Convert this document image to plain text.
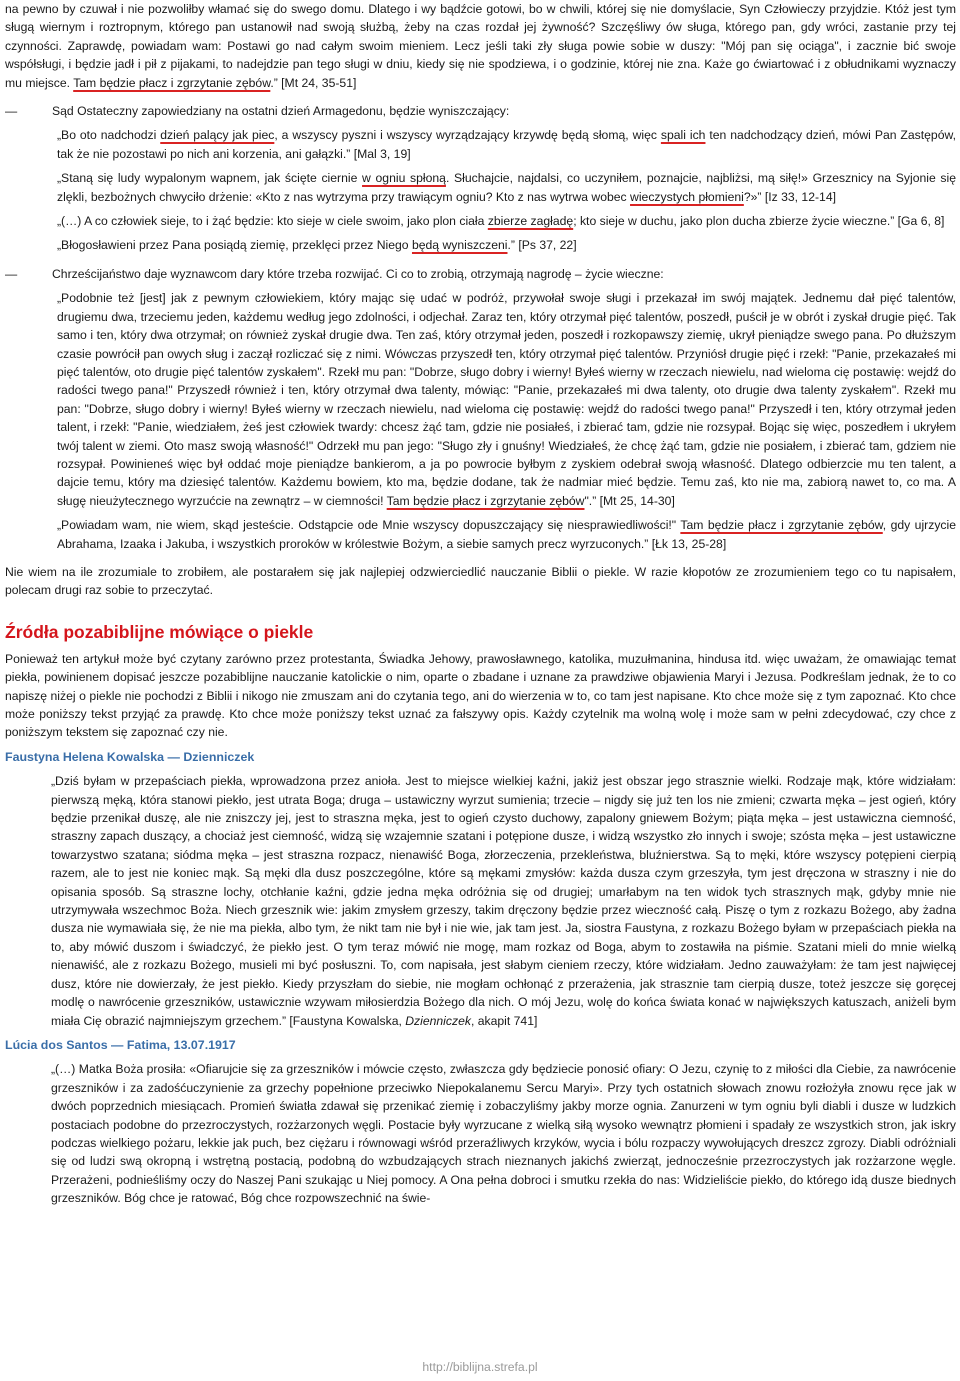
na pewno by czuwał i nie pozwoliłby włamać się do swego domu. Dlatego i wy bądźcie gotowi, bo w chwili, której się nie domyślacie, Syn Człowieczy przyjdzie. Któż jest tym sługą wiernym i roztropnym, którego pan ustanowił nad swoją służbą, żeby na czas rozdał jej żywność? Szczęśliwy ów sługa, którego pan, gdy wróci, zastanie przy tej czynności. Zaprawdę, powiadam wam: Postawi go nad całym swoim mieniem. Lecz jeśli taki zły sługa powie sobie w duszy: "Mój pan się ociąga", i zacznie bić swoje współsługi, i będzie jadł i pił z pijakami, to nadejdzie pan tego sługi w dniu, kiedy się nie spodziewa, i o godzinie, której nie zna. Każe go ćwiartować i z obłudnikami wyznaczy mu miejsce. Tam będzie płacz i zgrzytanie zębów.” [Mt 24, 35-51]

—	Sąd Ostateczny zapowiedziany na ostatni dzień Armagedonu, będzie wyniszczający:

„Bo oto nadchodzi dzień palący jak piec, a wszyscy pyszni i wszyscy wyrządzający krzywdę będą słomą, więc spali ich ten nadchodzący dzień, mówi Pan Zastępów, tak że nie pozostawi po nich ani korzenia, ani gałązki.” [Mal 3, 19]

„Staną się ludy wypalonym wapnem, jak ścięte ciernie w ogniu spłoną. Słuchajcie, najdalsi, co uczyniłem, poznajcie, najbliżsi, mą siłę!» Grzesznicy na Syjonie się zlękli, bezbożnych chwyciło drżenie: «Kto z nas wytrzyma przy trawiącym ogniu? Kto z nas wytrwa wobec wieczystych płomieni?»” [Iz 33, 12-14]

„(…) A co człowiek sieje, to i żąć będzie: kto sieje w ciele swoim, jako plon ciała zbierze zagładę; kto sieje w duchu, jako plon ducha zbierze życie wieczne.” [Ga 6, 8]

„Błogosławieni przez Pana posiądą ziemię, przeklęci przez Niego będą wyniszczeni.” [Ps 37, 22]

—	Chrześcijaństwo daje wyznawcom dary które trzeba rozwijać. Ci co to zrobią, otrzymają nagrodę – życie wieczne:

„Podobnie też [jest] jak z pewnym człowiekiem, który mając się udać w podróż, przywołał swoje sługi i przekazał im swój majątek. Jednemu dał pięć talentów, drugiemu dwa, trzeciemu jeden, każdemu według jego zdolności, i odjechał. Zaraz ten, który otrzymał pięć talentów, poszedł, puścił je w obrót i zyskał drugie pięć. Tak samo i ten, który dwa otrzymał; on również zyskał drugie dwa. Ten zaś, który otrzymał jeden, poszedł i rozkopawszy ziemię, ukrył pieniądze swego pana. Po dłuższym czasie powrócił pan owych sług i zaczął rozliczać się z nimi. Wówczas przyszedł ten, który otrzymał pięć talentów. Przyniósł drugie pięć i rzekł: "Panie, przekazałeś mi pięć talentów, oto drugie pięć talentów zyskałem". Rzekł mu pan: "Dobrze, sługo dobry i wierny! Byłeś wierny w rzeczach niewielu, nad wieloma cię postawię: wejdź do radości twego pana!" Przyszedł również i ten, który otrzymał dwa talenty, mówiąc: "Panie, przekazałeś mi dwa talenty, oto drugie dwa talenty zyskałem". Rzekł mu pan: "Dobrze, sługo dobry i wierny! Byłeś wierny w rzeczach niewielu, nad wieloma cię postawię: wejdź do radości twego pana!" Przyszedł i ten, który otrzymał jeden talent, i rzekł: "Panie, wiedziałem, żeś jest człowiek twardy: chcesz żąć tam, gdzie nie posiałeś, i zbierać tam, gdzie nie rozsypał. Bojąc się więc, poszedłem i ukryłem twój talent w ziemi. Oto masz swoją własność!" Odrzekł mu pan jego: "Sługo zły i gnuśny! Wiedziałeś, że chcę żąć tam, gdzie nie posiałem, i zbierać tam, gdziem nie rozsypał. Powinieneś więc był oddać moje pieniądze bankierom, a ja po powrocie byłbym z zyskiem odebrał swoją własność. Dlatego odbierzcie mu ten talent, a dajcie temu, który ma dziesięć talentów. Każdemu bowiem, kto ma, będzie dodane, tak że nadmiar mieć będzie. Temu zaś, kto nie ma, zabiorą nawet to, co ma. A sługę nieużytecznego wyrzućcie na zewnątrz – w ciemności! Tam będzie płacz i zgrzytanie zębów".” [Mt 25, 14-30]

„Powiadam wam, nie wiem, skąd jesteście. Odstąpcie ode Mnie wszyscy dopuszczający się niesprawiedliwości!" Tam będzie płacz i zgrzytanie zębów, gdy ujrzycie Abrahama, Izaaka i Jakuba, i wszystkich proroków w królestwie Bożym, a siebie samych precz wyrzuconych.” [Łk 13, 25-28]

Nie wiem na ile zrozumiale to zrobiłem, ale postarałem się jak najlepiej odzwierciedlić nauczanie Biblii o piekle. W razie kłopotów ze zrozumieniem tego co tu napisałem, polecam drugi raz sobie to przeczytać.

Źródła pozabiblijne mówiące o piekle

Ponieważ ten artykuł może być czytany zarówno przez protestanta, Świadka Jehowy, prawosławnego, katolika, muzułmanina, hindusa itd. więc uważam, że omawiając temat piekła, powinienem dopisać jeszcze pozabiblijne nauczanie katolickie o nim, oparte o zbadane i uznane za prawdziwe objawienia Maryi i Jezusa. Podkreślam jednak, że to co napiszę niżej o piekle nie pochodzi z Biblii i nikogo nie zmuszam ani do czytania tego, ani do wierzenia w to, co tam jest napisane. Kto chce może się z tym zapoznać. Kto chce może poniższy tekst przyjąć za prawdę. Kto chce może poniższy tekst uznać za fałszywy opis. Każdy czytelnik ma wolną wolę i może sam w pełni zdecydować, czy chce z poniższym tekstem się zapoznać czy nie.

Faustyna Helena Kowalska — Dzienniczek

„Dziś byłam w przepaściach piekła, wprowadzona przez anioła. Jest to miejsce wielkiej kaźni, jakiż jest obszar jego strasznie wielki. Rodzaje mąk, które widziałam: pierwszą męką, która stanowi piekło, jest utrata Boga; druga – ustawiczny wyrzut sumienia; trzecie – nigdy się już ten los nie zmieni; czwarta męka – jest ogień, który będzie przenikał duszę, ale nie zniszczy jej, jest to straszna męka, jest to ogień czysto duchowy, zapalony gniewem Bożym; piąta męka – jest ustawiczna ciemność, straszny zapach duszący, a chociaż jest ciemność, widzą się wzajemnie szatani i potępione dusze, i widzą wszystko zło innych i swoje; szósta męka – jest ustawiczne towarzystwo szatana; siódma męka – jest straszna rozpacz, nienawiść Boga, złorzeczenia, przekleństwa, bluźnierstwa. Są to męki, które wszyscy potępieni cierpią razem, ale to jest nie koniec mąk. Są męki dla dusz poszczególne, które są mękami zmysłów: każda dusza czym grzeszyła, tym jest dręczona w straszny i nie do opisania sposób. Są straszne lochy, otchłanie kaźni, gdzie jedna męka odróżnia się od drugiej; umarłabym na ten widok tych strasznych mąk, gdyby mnie nie utrzymywała wszechmoc Boża. Niech grzesznik wie: jakim zmysłem grzeszy, takim dręczony będzie przez wieczność całą. Piszę o tym z rozkazu Bożego, aby żadna dusza nie wymawiała się, że nie ma piekła, albo tym, że nikt tam nie był i nie wie, jak tam jest. Ja, siostra Faustyna, z rozkazu Bożego byłam w przepaściach piekła na to, aby mówić duszom i świadczyć, że piekło jest. O tym teraz mówić nie mogę, mam rozkaz od Boga, abym to zostawiła na piśmie. Szatani mieli do mnie wielką nienawiść, ale z rozkazu Bożego, musieli mi być posłuszni. To, com napisała, jest słabym cieniem rzeczy, które widziałam. Jedno zauważyłam: że tam jest najwięcej dusz, które nie dowierzały, że jest piekło. Kiedy przyszłam do siebie, nie mogłam ochłonąć z przerażenia, jak strasznie tam cierpią dusze, toteż jeszcze się goręcej modlę o nawrócenie grzeszników, ustawicznie wzywam miłosierdzia Bożego dla nich. O mój Jezu, wolę do końca świata konać w największych katuszach, aniżeli bym miała Cię obrazić najmniejszym grzechem.” [Faustyna Kowalska, Dzienniczek, akapit 741]

Lúcia dos Santos — Fatima, 13.07.1917

„(…) Matka Boża prosiła: «Ofiarujcie się za grzeszników i mówcie często, zwłaszcza gdy będziecie ponosić ofiary: O Jezu, czynię to z miłości dla Ciebie, za nawrócenie grzeszników i za zadośćuczynienie za grzechy popełnione przeciwko Niepokalanemu Sercu Maryi». Przy tych ostatnich słowach znowu rozłożyła znowu ręce jak w dwóch poprzednich miesiącach. Promień światła zdawał się przenikać ziemię i zobaczyliśmy jakby morze ognia. Zanurzeni w tym ogniu byli diabli i dusze w ludzkich postaciach podobne do przezroczystych, rozżarzonych węgli. Postacie były wyrzucane z wielką siłą wysoko wewnątrz płomieni i spadały ze wszystkich stron, jak iskry podczas wielkiego pożaru, lekkie jak puch, bez ciężaru i równowagi wśród przeraźliwych krzyków, wycia i bólu rozpaczy wywołujących dreszcz zgrozy. Diabli odróżniali się od ludzi swą okropną i wstrętną postacią, podobną do wzbudzających strach nieznanych jakichś zwierząt, jednocześnie przezroczystych jak rozżarzone węgle. Przerażeni, podnieśliśmy oczy do Naszej Pani szukając u Niej pomocy. A Ona pełna dobroci i smutku rzekła do nas: Widzieliście piekło, do którego idą dusze biednych grzeszników. Bóg chce je ratować, Bóg chce rozpowszechnić na świe-

http://biblijna.strefa.pl
